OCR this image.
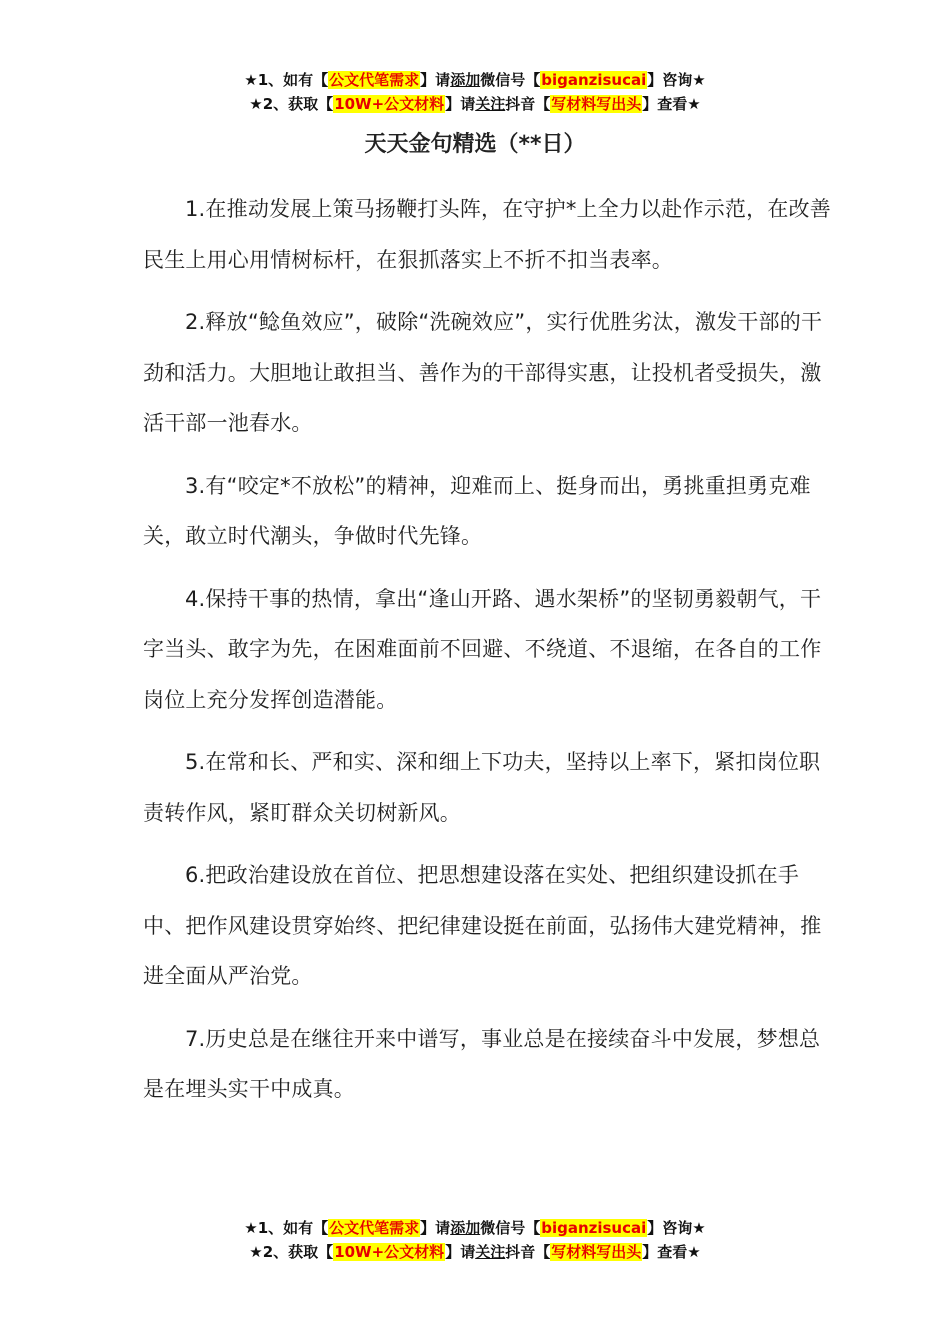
★1、如有【公文代笔需求】请添加微信号【biganzisucai】咨询★
★2、获取【10W+公文材料】请关注抖音【写材料写出头】查看★
天天金句精选（**日）

1.在推动发展上策马扬鞭打头阵，在守护*上全力以赴作示范，在改善民生上用心用情树标杆，在狠抓落实上不折不扣当表率。

2.释放“鲶鱼效应”，破除“洗碗效应”，实行优胜劣汰，激发干部的干劲和活力。大胆地让敢担当、善作为的干部得实惠，让投机者受损失，激活干部一池春水。

3.有“咬定*不放松”的精神，迎难而上、挺身而出，勇挑重担勇克难关，敢立时代潮头，争做时代先锋。

4.保持干事的热情，拿出“逢山开路、遇水架桥”的坚韧勇毅朝气，干字当头、敢字为先，在困难面前不回避、不绕道、不退缩，在各自的工作岗位上充分发挥创造潜能。

5.在常和长、严和实、深和细上下功夫，坚持以上率下，紧扣岗位职责转作风，紧盯群众关切树新风。

6.把政治建设放在首位、把思想建设落在实处、把组织建设抓在手中、把作风建设贯穿始终、把纪律建设挺在前面，弘扬伟大建党精神，推进全面从严治党。

7.历史总是在继往开来中谱写，事业总是在接续奋斗中发展，梦想总是在埋头实干中成真。

★1、如有【公文代笔需求】请添加微信号【biganzisucai】咨询★
★2、获取【10W+公文材料】请关注抖音【写材料写出头】查看★
